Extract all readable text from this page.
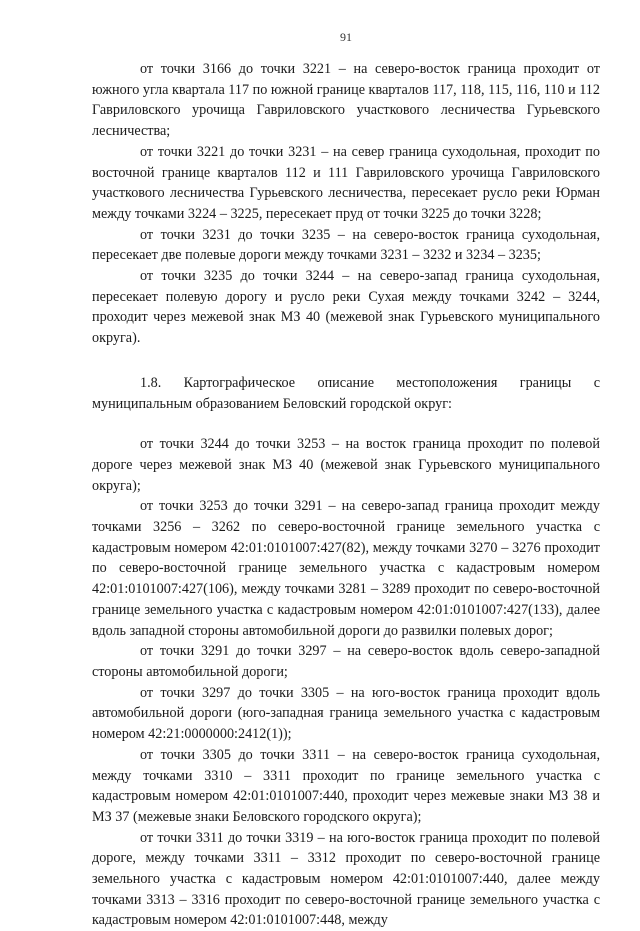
91

от точки 3166 до точки 3221 – на северо-восток граница проходит от южного угла квартала 117 по южной границе кварталов 117, 118, 115, 116, 110 и 112 Гавриловского урочища Гавриловского участкового лесничества Гурьевского лесничества;

от точки 3221 до точки 3231 – на север граница суходольная, проходит по восточной границе кварталов 112 и 111 Гавриловского урочища Гавриловского участкового лесничества Гурьевского лесничества, пересекает русло реки Юрман между точками 3224 – 3225, пересекает пруд от точки 3225 до точки 3228;

от точки 3231 до точки 3235 – на северо-восток граница суходольная, пересекает две полевые дороги между точками 3231 – 3232 и 3234 – 3235;

от точки 3235 до точки 3244 – на северо-запад граница суходольная, пересекает полевую дорогу и русло реки Сухая между точками 3242 – 3244, проходит через межевой знак МЗ 40 (межевой знак Гурьевского муниципального округа).

1.8. Картографическое описание местоположения границы с муниципальным образованием Беловский городской округ:

от точки 3244 до точки 3253 – на восток граница проходит по полевой дороге через межевой знак МЗ 40 (межевой знак Гурьевского муниципального округа);

от точки 3253 до точки 3291 – на северо-запад граница проходит между точками 3256 – 3262 по северо-восточной границе земельного участка с кадастровым номером 42:01:0101007:427(82), между точками 3270 – 3276 проходит по северо-восточной границе земельного участка с кадастровым номером 42:01:0101007:427(106), между точками 3281 – 3289 проходит по северо-восточной границе земельного участка с кадастровым номером 42:01:0101007:427(133), далее вдоль западной стороны автомобильной дороги до развилки полевых дорог;

от точки 3291 до точки 3297 – на северо-восток вдоль северо-западной стороны автомобильной дороги;

от точки 3297 до точки 3305 – на юго-восток граница проходит вдоль автомобильной дороги (юго-западная граница земельного участка с кадастровым номером 42:21:0000000:2412(1));

от точки 3305 до точки 3311 – на северо-восток граница суходольная, между точками 3310 – 3311 проходит по границе земельного участка с кадастровым номером 42:01:0101007:440, проходит через межевые знаки МЗ 38 и МЗ 37 (межевые знаки Беловского городского округа);

от точки 3311 до точки 3319 – на юго-восток граница проходит по полевой дороге, между точками 3311 – 3312 проходит по северо-восточной границе земельного участка с кадастровым номером 42:01:0101007:440, далее между точками 3313 – 3316 проходит по северо-восточной границе земельного участка с кадастровым номером 42:01:0101007:448, между
